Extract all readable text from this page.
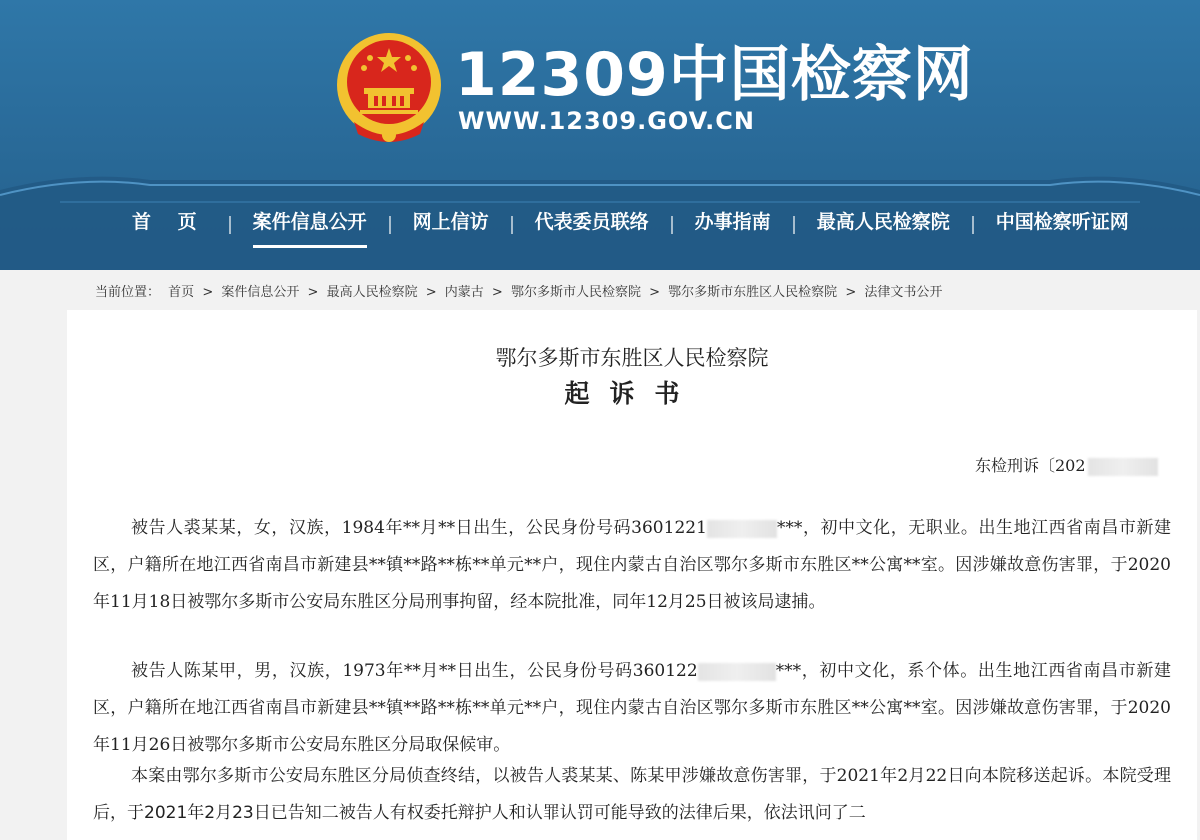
12309中国检察网
WWW.12309.GOV.CN
首 页	案件信息公开	网上信访	代表委员联络	办事指南	最高人民检察院	中国检察听证网
当前位置： 首页 > 案件信息公开 > 最高人民检察院 > 内蒙古 > 鄂尔多斯市人民检察院 > 鄂尔多斯市东胜区人民检察院 > 法律文书公开
鄂尔多斯市东胜区人民检察院
起诉书
东检刑诉〔202
被告人裘某某，女，汉族，1984年**月**日出生，公民身份号码3601221	***，初中文化，无职业。出生地江西省南昌市新建区，户籍所在地江西省南昌市新建县**镇**路**栋**单元**户，现住内蒙古自治区鄂尔多斯市东胜区**公寓**室。因涉嫌故意伤害罪，于2020年11月18日被鄂尔多斯市公安局东胜区分局刑事拘留，经本院批准，同年12月25日被该局逮捕。
被告人陈某甲，男，汉族，1973年**月**日出生，公民身份号码360122	***，初中文化，系个体。出生地江西省南昌市新建区，户籍所在地江西省南昌市新建县**镇**路**栋**单元**户，现住内蒙古自治区鄂尔多斯市东胜区**公寓**室。因涉嫌故意伤害罪，于2020年11月26日被鄂尔多斯市公安局东胜区分局取保候审。
本案由鄂尔多斯市公安局东胜区分局侦查终结，以被告人裘某某、陈某甲涉嫌故意伤害罪，于2021年2月22日向本院移送起诉。本院受理后，于2021年2月23日已告知二被告人有权委托辩护人和认罪认罚可能导致的法律后果，依法讯问了二
